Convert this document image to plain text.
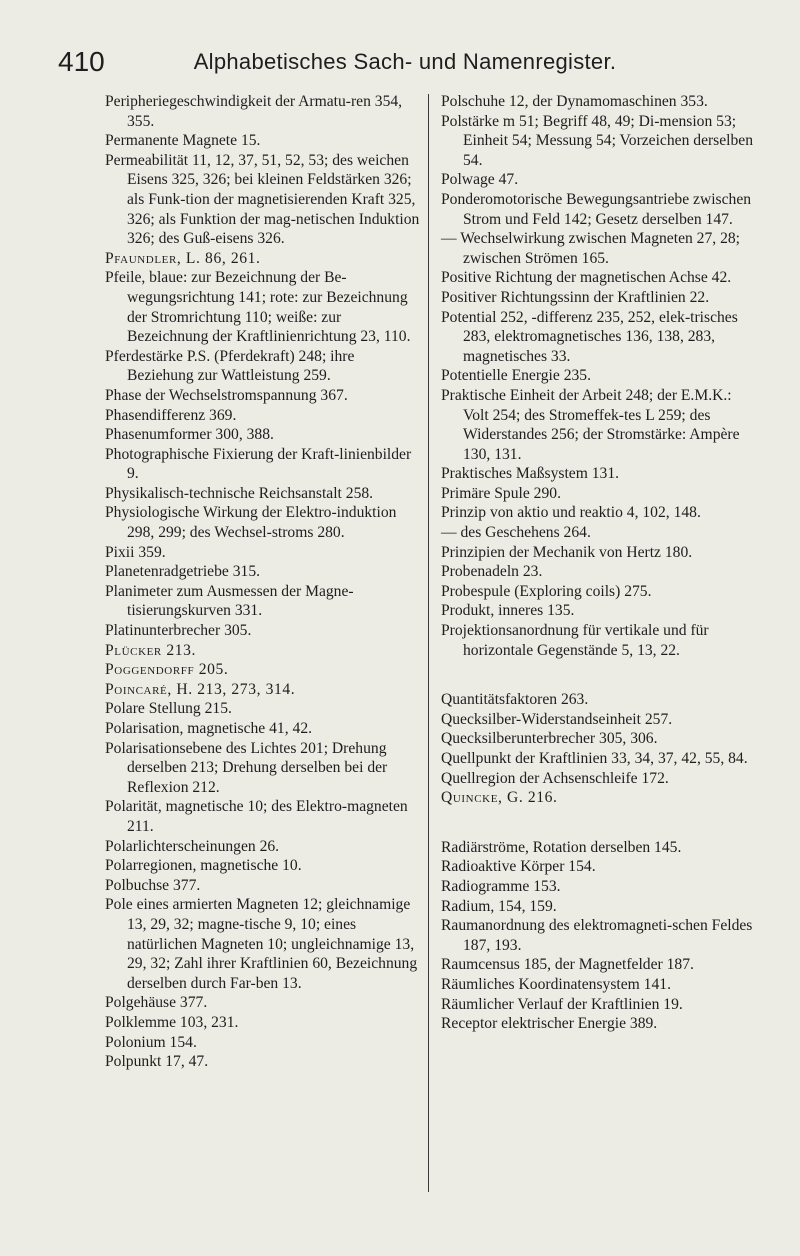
410	Alphabetisches Sach- und Namenregister.

Peripheriegeschwindigkeit der Armatu-ren 354, 355.

Permanente Magnete 15.

Permeabilität 11, 12, 37, 51, 52, 53; des weichen Eisens 325, 326; bei kleinen Feldstärken 326; als Funk-tion der magnetisierenden Kraft 325, 326; als Funktion der mag-netischen Induktion 326; des Guß-eisens 326.

Pfaundler, L. 86, 261.

Pfeile, blaue: zur Bezeichnung der Be-wegungsrichtung 141; rote: zur Bezeichnung der Stromrichtung 110; weiße: zur Bezeichnung der Kraftlinienrichtung 23, 110.

Pferdestärke P.S. (Pferdekraft) 248; ihre Beziehung zur Wattleistung 259.

Phase der Wechselstromspannung 367.

Phasendifferenz 369.

Phasenumformer 300, 388.

Photographische Fixierung der Kraft-linienbilder 9.

Physikalisch-technische Reichsanstalt 258.

Physiologische Wirkung der Elektro-induktion 298, 299; des Wechsel-stroms 280.

Pixii 359.

Planetenradgetriebe 315.

Planimeter zum Ausmessen der Magne-tisierungskurven 331.

Platinunterbrecher 305.

Plücker 213.

Poggendorff 205.

Poincaré, H. 213, 273, 314.

Polare Stellung 215.

Polarisation, magnetische 41, 42.

Polarisationsebene des Lichtes 201; Drehung derselben 213; Drehung derselben bei der Reflexion 212.

Polarität, magnetische 10; des Elektro-magneten 211.

Polarlichterscheinungen 26.

Polarregionen, magnetische 10.

Polbuchse 377.

Pole eines armierten Magneten 12; gleichnamige 13, 29, 32; magne-tische 9, 10; eines natürlichen Magneten 10; ungleichnamige 13, 29, 32; Zahl ihrer Kraftlinien 60, Bezeichnung derselben durch Far-ben 13.

Polgehäuse 377.

Polklemme 103, 231.

Polonium 154.

Polpunkt 17, 47.

Polschuhe 12, der Dynamomaschinen 353.

Polstärke m 51; Begriff 48, 49; Di-mension 53; Einheit 54; Messung 54; Vorzeichen derselben 54.

Polwage 47.

Ponderomotorische Bewegungsantriebe zwischen Strom und Feld 142; Gesetz derselben 147.

— Wechselwirkung zwischen Magneten 27, 28; zwischen Strömen 165.

Positive Richtung der magnetischen Achse 42.

Positiver Richtungssinn der Kraftlinien 22.

Potential 252, -differenz 235, 252, elek-trisches 283, elektromagnetisches 136, 138, 283, magnetisches 33.

Potentielle Energie 235.

Praktische Einheit der Arbeit 248; der E.M.K.: Volt 254; des Stromeffek-tes L 259; des Widerstandes 256; der Stromstärke: Ampère 130, 131.

Praktisches Maßsystem 131.

Primäre Spule 290.

Prinzip von aktio und reaktio 4, 102, 148.

— des Geschehens 264.

Prinzipien der Mechanik von Hertz 180.

Probenadeln 23.

Probespule (Exploring coils) 275.

Produkt, inneres 135.

Projektionsanordnung für vertikale und für horizontale Gegenstände 5, 13, 22.

Quantitätsfaktoren 263.

Quecksilber-Widerstandseinheit 257.

Quecksilberunterbrecher 305, 306.

Quellpunkt der Kraftlinien 33, 34, 37, 42, 55, 84.

Quellregion der Achsenschleife 172.

Quincke, G. 216.

Radiärströme, Rotation derselben 145.

Radioaktive Körper 154.

Radiogramme 153.

Radium, 154, 159.

Raumanordnung des elektromagneti-schen Feldes 187, 193.

Raumcensus 185, der Magnetfelder 187.

Räumliches Koordinatensystem 141.

Räumlicher Verlauf der Kraftlinien 19.

Receptor elektrischer Energie 389.
